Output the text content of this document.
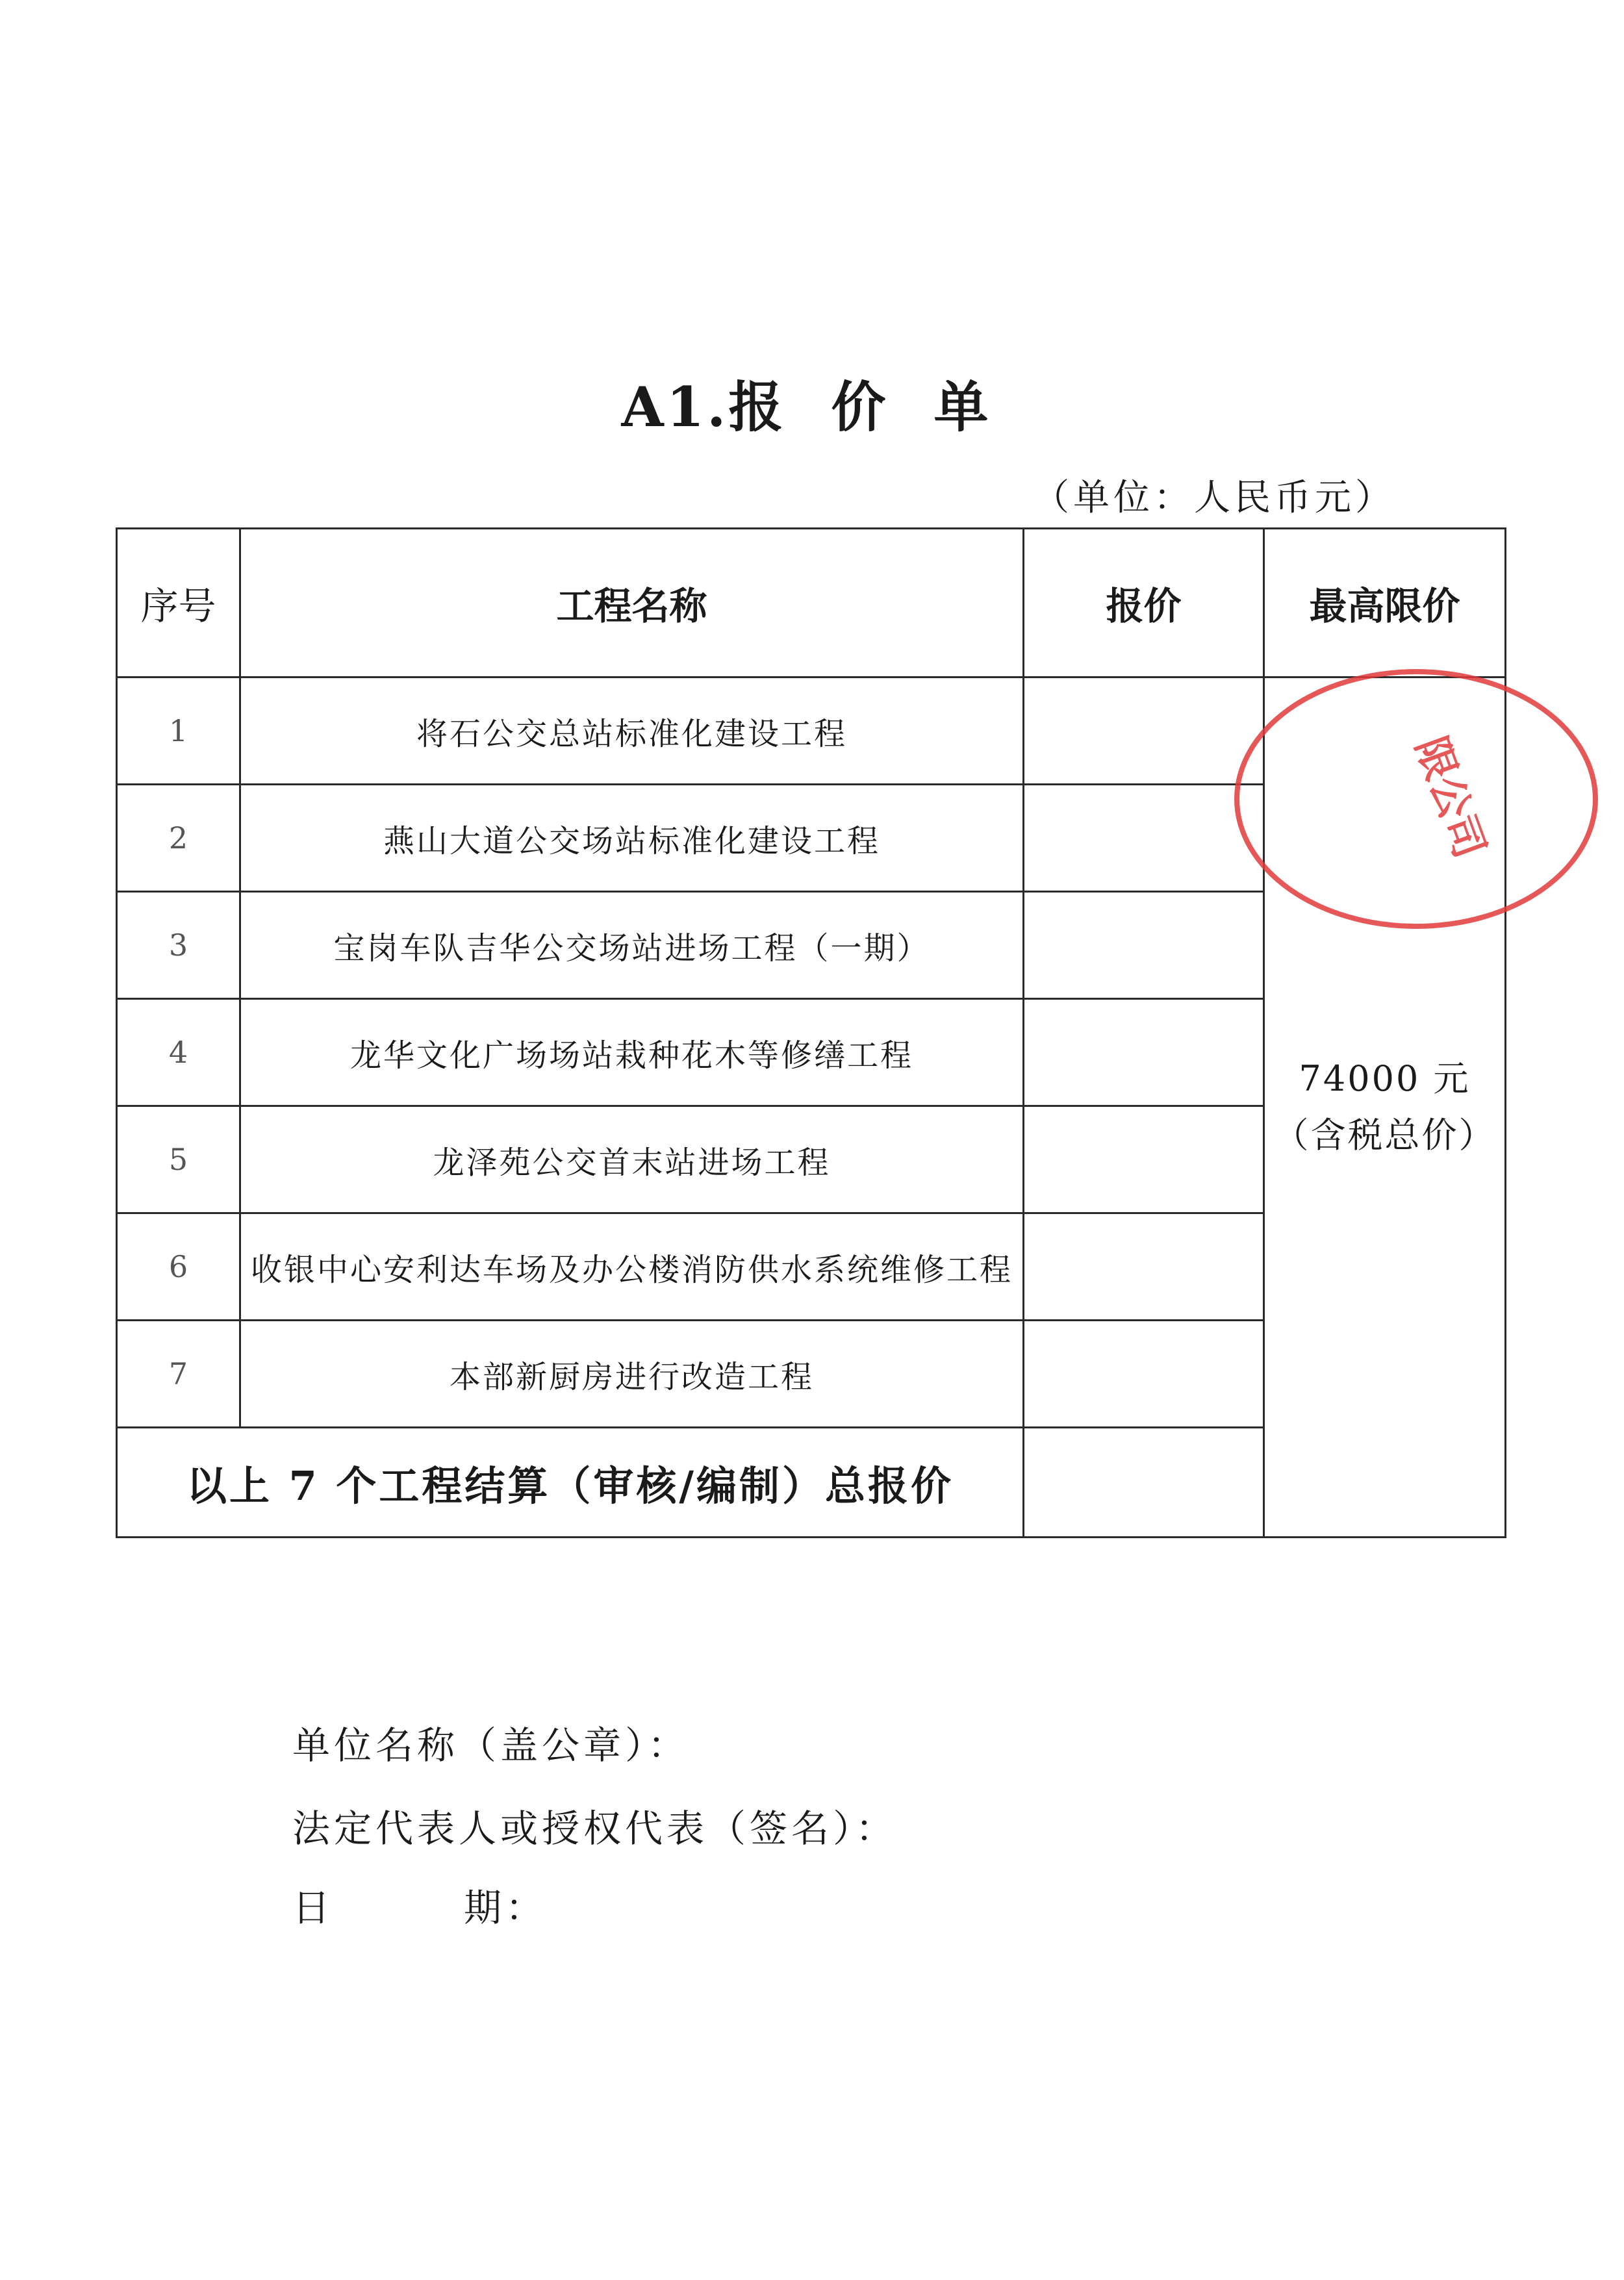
A1.报 价 单
（单位：人民币元）
序号	工程名称	报价	最高限价
1	将石公交总站标准化建设工程		74000 元
（含税总价）

2	燕山大道公交场站标准化建设工程		
3	宝岗车队吉华公交场站进场工程（一期）		
4	龙华文化广场场站栽种花木等修缮工程		
5	龙泽苑公交首末站进场工程		
6	收银中心安利达车场及办公楼消防供水系统维修工程		
7	本部新厨房进行改造工程		
以上 7 个工程结算（审核/编制）总报价			
限公司
单位名称（盖公章）：
法定代表人或授权代表（签名）：
日	期：
